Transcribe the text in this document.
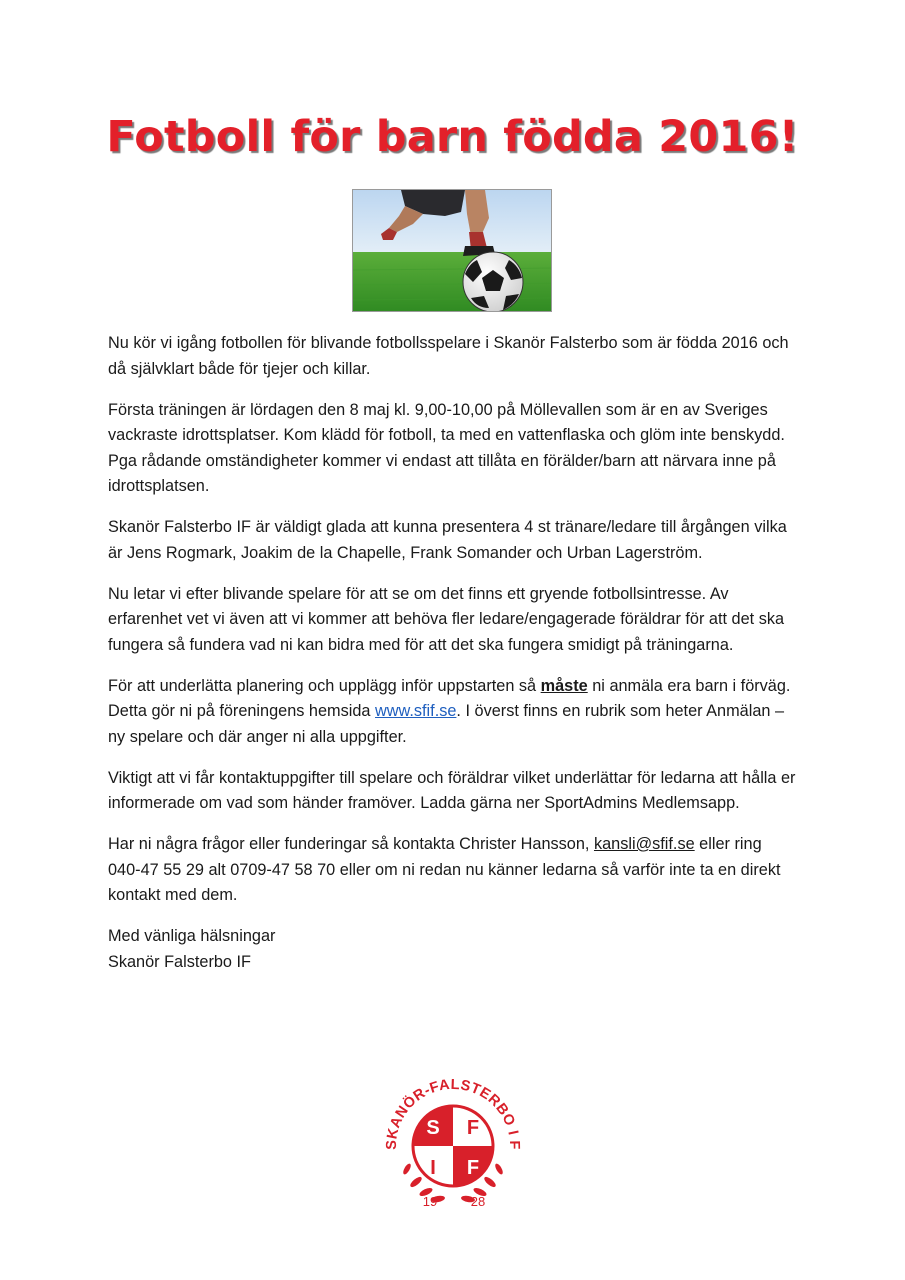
Fotboll för barn födda 2016!

Nu kör vi igång fotbollen för blivande fotbollsspelare i Skanör Falsterbo som är födda 2016 och då självklart både för tjejer och killar.

Första träningen är lördagen den 8 maj kl. 9,00-10,00 på Möllevallen som är en av Sveriges vackraste idrottsplatser. Kom klädd för fotboll, ta med en vattenflaska och glöm inte benskydd. Pga rådande omständigheter kommer vi endast att tillåta en förälder/barn att närvara inne på idrottsplatsen.

Skanör Falsterbo IF är väldigt glada att kunna presentera 4 st tränare/ledare till årgången vilka är Jens Rogmark, Joakim de la Chapelle, Frank Somander och Urban Lagerström.

Nu letar vi efter blivande spelare för att se om det finns ett gryende fotbollsintresse. Av erfarenhet vet vi även att vi kommer att behöva fler ledare/engagerade föräldrar för att det ska fungera så fundera vad ni kan bidra med för att det ska fungera smidigt på träningarna.

För att underlätta planering och upplägg inför uppstarten så måste ni anmäla era barn i förväg. Detta gör ni på föreningens hemsida www.sfif.se. I överst finns en rubrik som heter Anmälan – ny spelare och där anger ni alla uppgifter.

Viktigt att vi får kontaktuppgifter till spelare och föräldrar vilket underlättar för ledarna att hålla er informerade om vad som händer framöver. Ladda gärna ner SportAdmins Medlemsapp.

Har ni några frågor eller funderingar så kontakta Christer Hansson, kansli@sfif.se eller ring 040-47 55 29 alt 0709-47 58 70 eller om ni redan nu känner ledarna så varför inte ta en direkt kontakt med dem.

Med vänliga hälsningar

Skanör Falsterbo IF

S F
I F
SKANÖR-FALSTERBO I F
19	28
